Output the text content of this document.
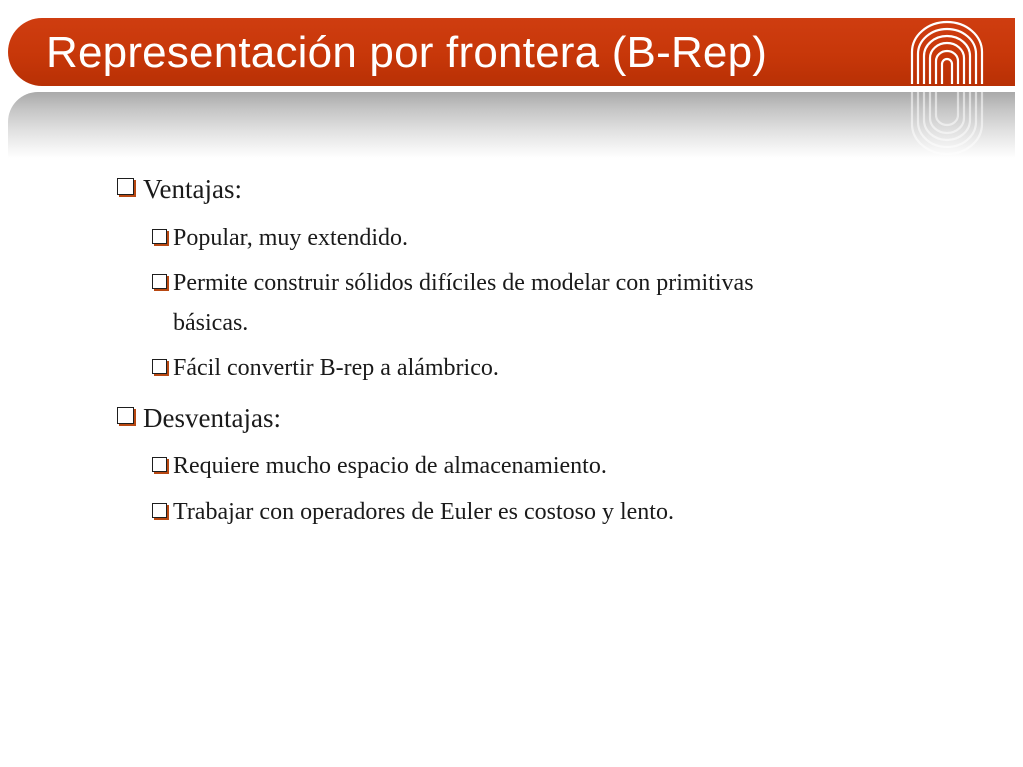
Representación por frontera (B-Rep)

Ventajas:

Popular, muy extendido.

Permite construir sólidos difíciles de modelar con primitivas

básicas.

Fácil convertir B-rep a alámbrico.

Desventajas:

Requiere mucho espacio de almacenamiento.

Trabajar con operadores de Euler es costoso y lento.
